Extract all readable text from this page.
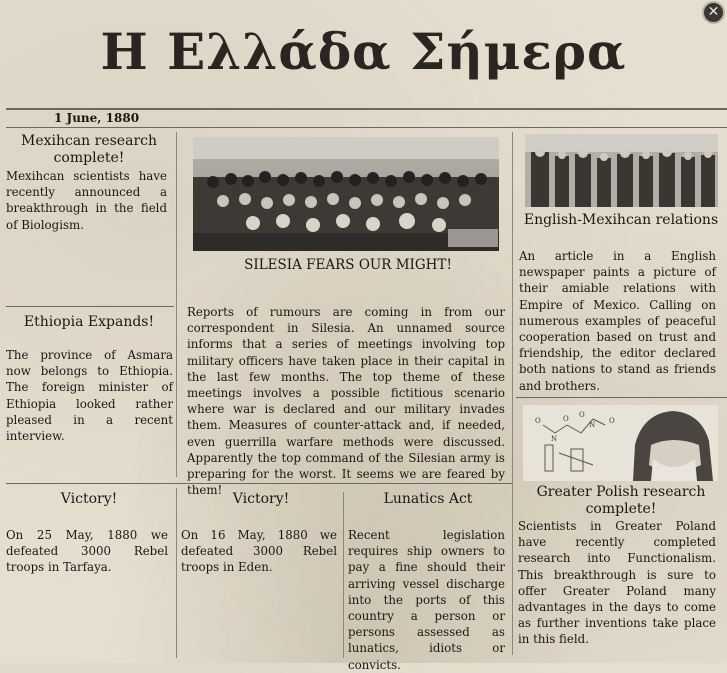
✕
Η Ελλάδα Σήμερα
1 June, 1880
Mexihcan research complete!
Mexihcan scientists have recently announced a breakthrough in the field of Biologism.
Ethiopia Expands!
The province of Asmara now belongs to Ethiopia. The foreign minister of Ethiopia looked rather pleased in a recent interview.
SILESIA FEARS OUR MIGHT!
Reports of rumours are coming in from our correspondent in Silesia. An unnamed source informs that a series of meetings involving top military officers have taken place in their capital in the last few months. The top theme of these meetings involves a possible fictitious scenario where war is declared and our military invades them. Measures of counter-attack and, if needed, even guerrilla warfare methods were discussed. Apparently the top command of the Silesian army is preparing for the worst. It seems we are feared by them!
English-Mexihcan relations
An article in a English newspaper paints a picture of their amiable relations with Empire of Mexico. Calling on numerous examples of peaceful cooperation based on trust and friendship, the editor declared both nations to stand as friends and brothers.
O
N
O O
N O
Greater Polish research complete!
Scientists in Greater Poland have recently completed research into Functionalism. This breakthrough is sure to offer Greater Poland many advantages in the days to come as further inventions take place in this field.
Victory!
On 25 May, 1880 we defeated 3000 Rebel troops in Tarfaya.
Victory!
On 16 May, 1880 we defeated 3000 Rebel troops in Eden.
Lunatics Act
Recent legislation requires ship owners to pay a fine should their arriving vessel discharge into the ports of this country a person or persons assessed as lunatics, idiots or convicts.
